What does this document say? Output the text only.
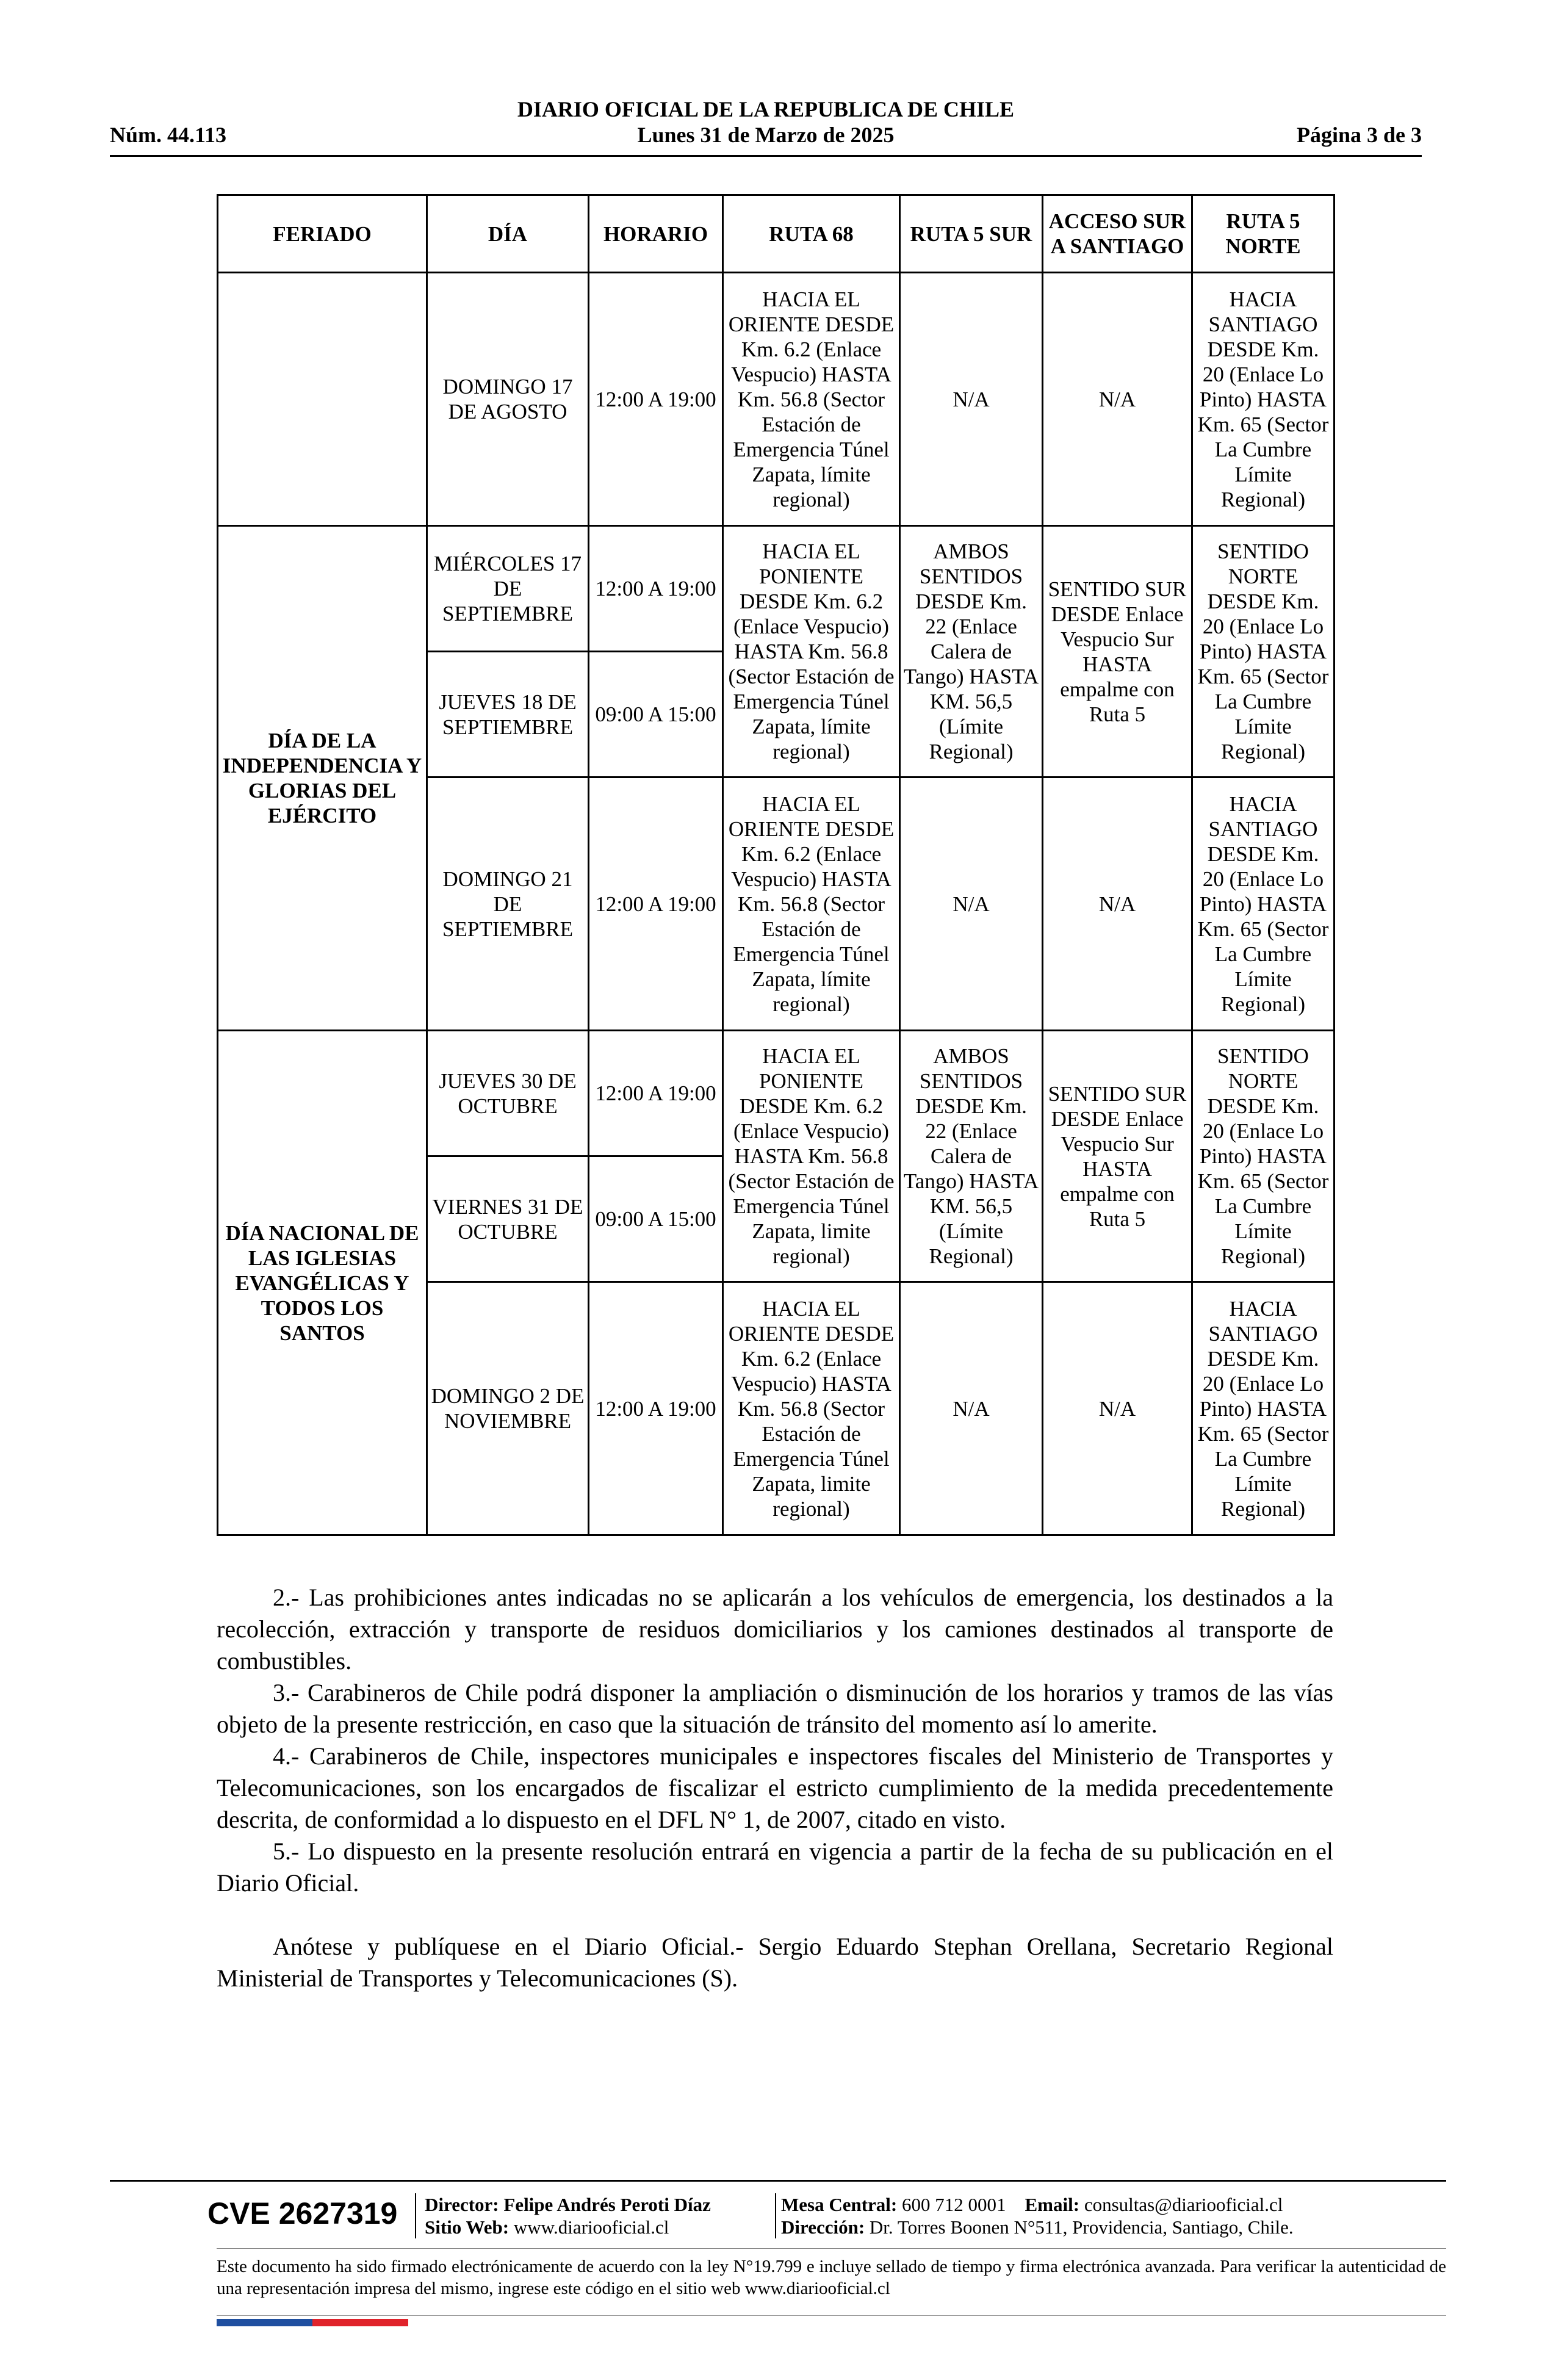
DIARIO OFICIAL DE LA REPUBLICA DE CHILE
Núm. 44.113	Lunes 31 de Marzo de 2025	Página 3 de 3
FERIADO	DÍA	HORARIO	RUTA 68	RUTA 5 SUR	ACCESO SUR A SANTIAGO	RUTA 5 NORTE
	DOMINGO 17 DE AGOSTO	12:00 A 19:00	HACIA EL ORIENTE DESDE Km. 6.2 (Enlace Vespucio) HASTA Km. 56.8 (Sector Estación de Emergencia Túnel Zapata, límite regional)	N/A	N/A	HACIA SANTIAGO DESDE Km. 20 (Enlace Lo Pinto) HASTA Km. 65 (Sector La Cumbre Límite Regional)
DÍA DE LA INDEPENDENCIA Y GLORIAS DEL EJÉRCITO	MIÉRCOLES 17 DE SEPTIEMBRE	12:00 A 19:00	HACIA EL PONIENTE DESDE Km. 6.2 (Enlace Vespucio) HASTA Km. 56.8 (Sector Estación de Emergencia Túnel Zapata, límite regional)	AMBOS SENTIDOS DESDE Km. 22 (Enlace Calera de Tango) HASTA KM. 56,5 (Límite Regional)	SENTIDO SUR DESDE Enlace Vespucio Sur HASTA empalme con Ruta 5	SENTIDO NORTE DESDE Km. 20 (Enlace Lo Pinto) HASTA Km. 65 (Sector La Cumbre Límite Regional)
	JUEVES 18 DE SEPTIEMBRE	09:00 A 15:00				
	DOMINGO 21 DE SEPTIEMBRE	12:00 A 19:00	HACIA EL ORIENTE DESDE Km. 6.2 (Enlace Vespucio) HASTA Km. 56.8 (Sector Estación de Emergencia Túnel Zapata, límite regional)	N/A	N/A	HACIA SANTIAGO DESDE Km. 20 (Enlace Lo Pinto) HASTA Km. 65 (Sector La Cumbre Límite Regional)
DÍA NACIONAL DE LAS IGLESIAS EVANGÉLICAS Y TODOS LOS SANTOS	JUEVES 30 DE OCTUBRE	12:00 A 19:00	HACIA EL PONIENTE DESDE Km. 6.2 (Enlace Vespucio) HASTA Km. 56.8 (Sector Estación de Emergencia Túnel Zapata, limite regional)	AMBOS SENTIDOS DESDE Km. 22 (Enlace Calera de Tango) HASTA KM. 56,5 (Límite Regional)	SENTIDO SUR DESDE Enlace Vespucio Sur HASTA empalme con Ruta 5	SENTIDO NORTE DESDE Km. 20 (Enlace Lo Pinto) HASTA Km. 65 (Sector La Cumbre Límite Regional)
	VIERNES 31 DE OCTUBRE	09:00 A 15:00				
	DOMINGO 2 DE NOVIEMBRE	12:00 A 19:00	HACIA EL ORIENTE DESDE Km. 6.2 (Enlace Vespucio) HASTA Km. 56.8 (Sector Estación de Emergencia Túnel Zapata, limite regional)	N/A	N/A	HACIA SANTIAGO DESDE Km. 20 (Enlace Lo Pinto) HASTA Km. 65 (Sector La Cumbre Límite Regional)

2.- Las prohibiciones antes indicadas no se aplicarán a los vehículos de emergencia, los destinados a la recolección, extracción y transporte de residuos domiciliarios y los camiones destinados al transporte de combustibles.

3.- Carabineros de Chile podrá disponer la ampliación o disminución de los horarios y tramos de las vías objeto de la presente restricción, en caso que la situación de tránsito del momento así lo amerite.

4.- Carabineros de Chile, inspectores municipales e inspectores fiscales del Ministerio de Transportes y Telecomunicaciones, son los encargados de fiscalizar el estricto cumplimiento de la medida precedentemente descrita, de conformidad a lo dispuesto en el DFL N° 1, de 2007, citado en visto.

5.- Lo dispuesto en la presente resolución entrará en vigencia a partir de la fecha de su publicación en el Diario Oficial.

Anótese y publíquese en el Diario Oficial.- Sergio Eduardo Stephan Orellana, Secretario Regional Ministerial de Transportes y Telecomunicaciones (S).

CVE 2627319 Director: Felipe Andrés Peroti Díaz
Sitio Web: www.diariooficial.cl
Mesa Central: 600 712 0001 Email: consultas@diariooficial.cl
Dirección: Dr. Torres Boonen N°511, Providencia, Santiago, Chile.
Este documento ha sido firmado electrónicamente de acuerdo con la ley N°19.799 e incluye sellado de tiempo y firma electrónica avanzada. Para verificar la autenticidad de una representación impresa del mismo, ingrese este código en el sitio web www.diariooficial.cl
